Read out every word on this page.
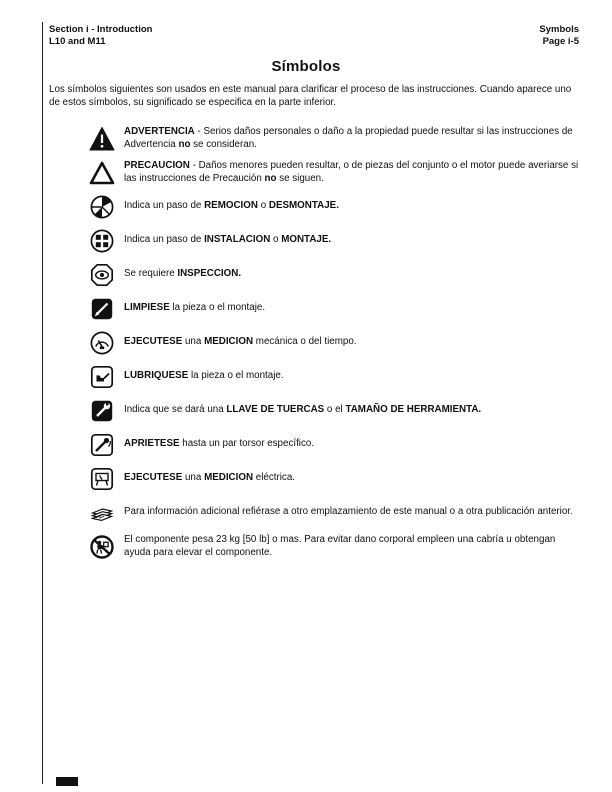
Section i - Introduction
L10 and M11
Symbols
Page i-5
Símbolos

Los símbolos siguientes son usados en este manual para clarificar el proceso de las instrucciones. Cuando aparece uno de estos símbolos, su significado se especifica en la parte inferior.

ADVERTENCIA - Serios daños personales o daño a la propiedad puede resultar si las instrucciones de Advertencia no se consideran.
PRECAUCION - Daños menores pueden resultar, o de piezas del conjunto o el motor puede averiarse si las instrucciones de Precaución no se siguen.
Indica un paso de REMOCION o DESMONTAJE.
Indica un paso de INSTALACION o MONTAJE.
Se requiere INSPECCION.
LIMPIESE la pieza o el montaje.
EJECUTESE una MEDICION mecánica o del tiempo.
LUBRIQUESE la pieza o el montaje.
Indica que se dará una LLAVE DE TUERCAS o el TAMAÑO DE HERRAMIENTA.
APRIETESE hasta un par torsor específico.
EJECUTESE una MEDICION eléctrica.
Para información adicional refiérase a otro emplazamiento de este manual o a otra publicación anterior.
El componente pesa 23 kg [50 lb] o mas. Para evitar dano corporal empleen una cabría u obtengan ayuda para elevar el componente.
